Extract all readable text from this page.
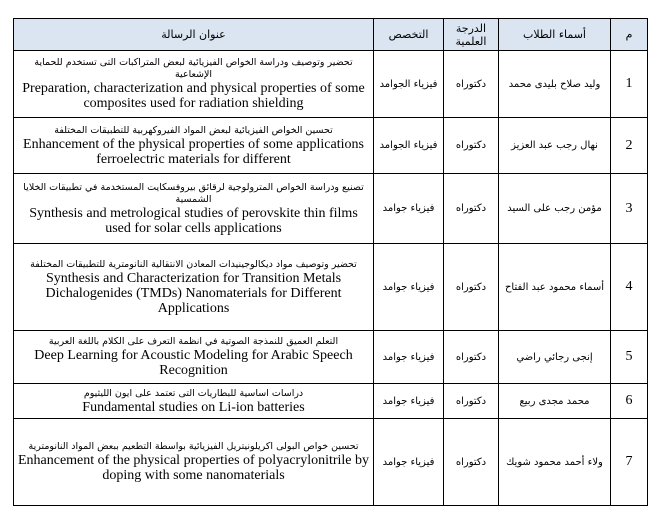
م	أسماء الطلاب	الدرجة العلمية	التخصص	عنوان الرسالة
1	وليد صلاح بليدى محمد	دكتوراه	فيزياء الجوامد	تحضير وتوصيف ودراسة الخواص الفيزيائية لبعض المتراكبات التى تستخدم للحماية الإشعاعية
Preparation, characterization and physical properties of some composites used for radiation shielding

2	نهال رجب عبد العزيز	دكتوراه	فيزياء الجوامد	تحسين الخواص الفيزيائية لبعض المواد الفيروكهربية للتطبيقات المختلفة
Enhancement of the physical properties of some applications ferroelectric materials for different

3	مؤمن رجب على السيد	دكتوراه	فيزياء جوامد	تصنيع ودراسة الخواص المترولوجية لرقائق بيروفسكايت المستخدمة في تطبيقات الخلايا الشمسية
Synthesis and metrological studies of perovskite thin films used for solar cells applications

4	أسماء محمود عبد الفتاح	دكتوراه	فيزياء جوامد	تحضير وتوصيف مواد ديكالوجينيدات المعادن الانتقالية النانومترية للتطبيقات المختلفة
Synthesis and Characterization for Transition Metals Dichalogenides (TMDs) Nanomaterials for Different Applications

5	إنجى رجائي راضي	دكتوراه	فيزياء جوامد	التعلم العميق للنمذجة الصوتية في انظمة التعرف على الكلام باللغة العربية
Deep Learning for Acoustic Modeling for Arabic Speech Recognition

6	محمد مجدى ربيع	دكتوراه	فيزياء جوامد	دراسات اساسية للبطاريات التى تعتمد على ايون الليثيوم
Fundamental studies on Li-ion batteries

7	ولاء أحمد محمود شويك	دكتوراه	فيزياء جوامد	تحسين خواص البولى اكريلونيتريل الفيزيائية بواسطة التطعيم ببعض المواد النانومترية
Enhancement of the physical properties of polyacrylonitrile by doping with some nanomaterials
